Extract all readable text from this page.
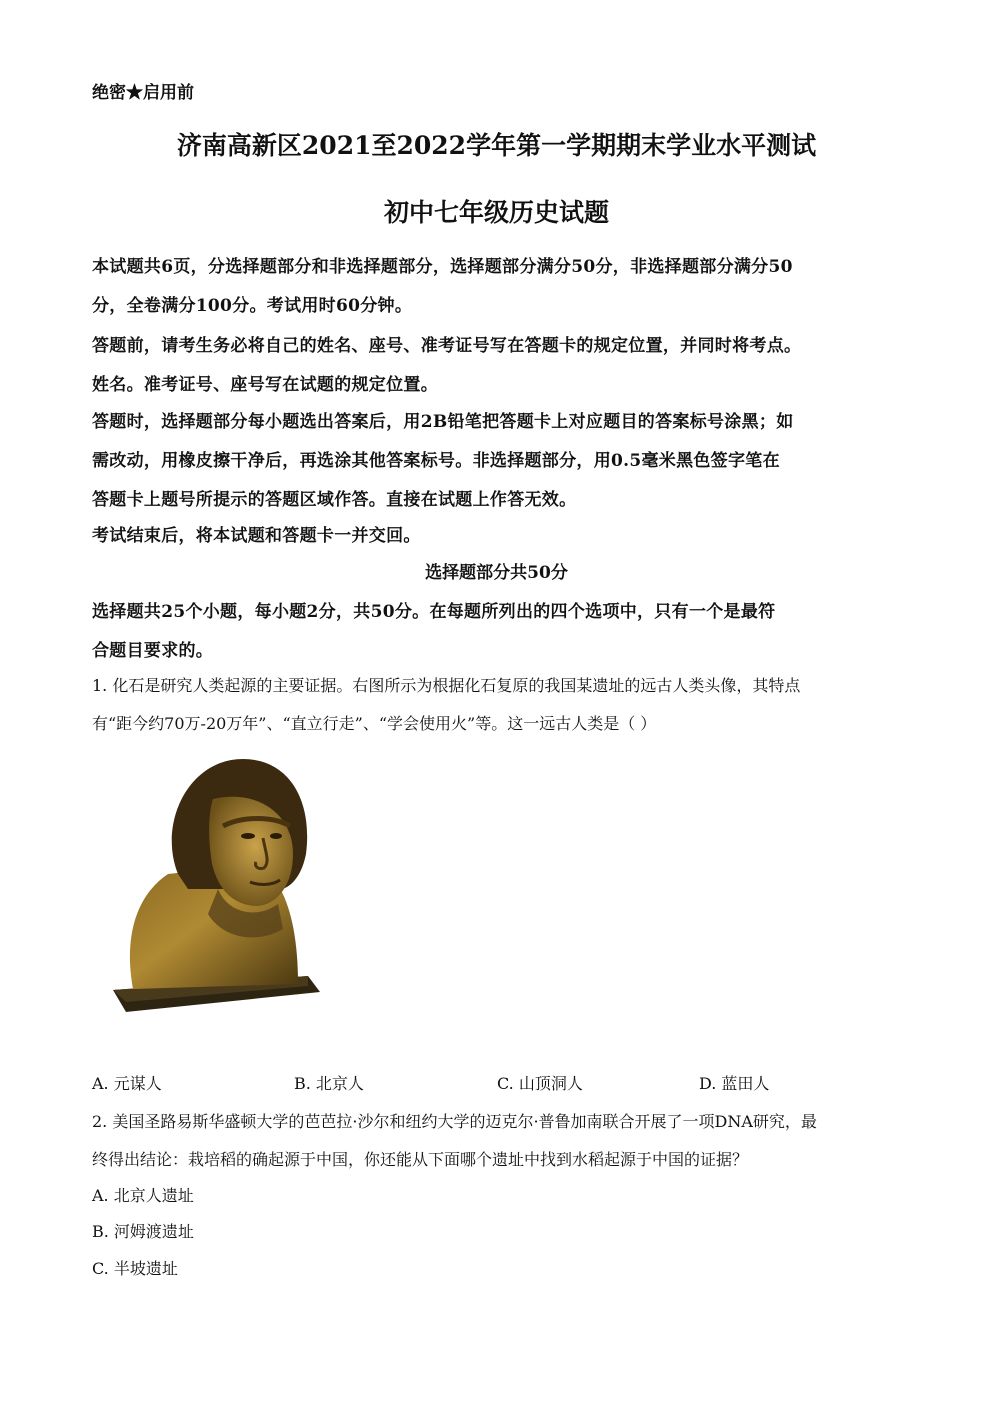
绝密★启用前
济南高新区2021至2022学年第一学期期末学业水平测试
初中七年级历史试题
本试题共6页，分选择题部分和非选择题部分，选择题部分满分50分，非选择题部分满分50
分，全卷满分100分。考试用时60分钟。
答题前，请考生务必将自己的姓名、座号、准考证号写在答题卡的规定位置，并同时将考点。
姓名。准考证号、座号写在试题的规定位置。
答题时，选择题部分每小题选出答案后，用2B铅笔把答题卡上对应题目的答案标号涂黑；如
需改动，用橡皮擦干净后，再选涂其他答案标号。非选择题部分，用0.5毫米黑色签字笔在
答题卡上题号所提示的答题区域作答。直接在试题上作答无效。
考试结束后，将本试题和答题卡一并交回。
选择题部分共50分
选择题共25个小题，每小题2分，共50分。在每题所列出的四个选项中，只有一个是最符
合题目要求的。
1. 化石是研究人类起源的主要证据。右图所示为根据化石复原的我国某遗址的远古人类头像，其特点
有“距今约70万-20万年”、“直立行走”、“学会使用火”等。这一远古人类是（ ）
A. 元谋人	B. 北京人	C. 山顶洞人	D. 蓝田人
2. 美国圣路易斯华盛顿大学的芭芭拉·沙尔和纽约大学的迈克尔·普鲁加南联合开展了一项DNA研究，最
终得出结论：栽培稻的确起源于中国，你还能从下面哪个遗址中找到水稻起源于中国的证据？
A. 北京人遗址
B. 河姆渡遗址
C. 半坡遗址
